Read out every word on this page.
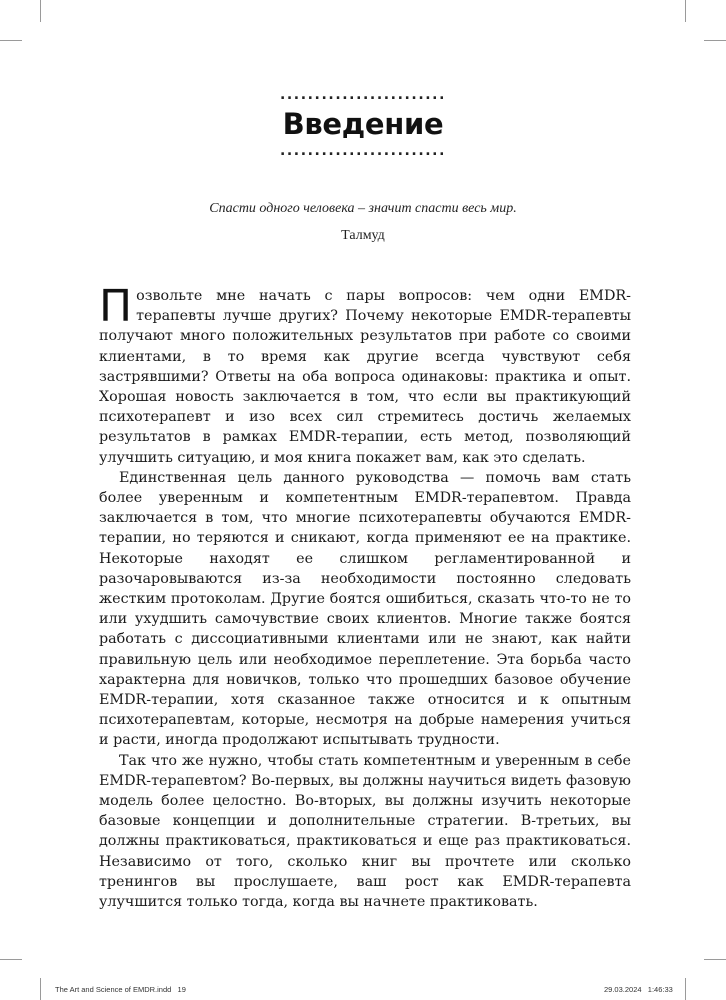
........................
Введение
........................
Спасти одного человека – значит спасти весь мир.
Талмуд

Позвольте мне начать с пары вопросов: чем одни EMDR-терапевты лучше других? Почему некоторые EMDR-терапевты получают много положительных результатов при работе со своими клиентами, в то время как другие всегда чувствуют себя застрявшими? Ответы на оба вопроса одинаковы: практика и опыт. Хорошая новость заключается в том, что если вы практикующий психотерапевт и изо всех сил стремитесь достичь желаемых результатов в рамках EMDR-терапии, есть метод, позволяющий улучшить ситуацию, и моя книга покажет вам, как это сделать.

Единственная цель данного руководства — помочь вам стать более уверенным и компетентным EMDR-терапевтом. Правда заключается в том, что многие психотерапевты обучаются EMDR-терапии, но теряются и сникают, когда применяют ее на практике. Некоторые находят ее слишком регламентированной и разочаровываются из-за необходимости постоянно следовать жестким протоколам. Другие боятся ошибиться, сказать что-то не то или ухудшить самочувствие своих клиентов. Многие также боятся работать с диссоциативными клиентами или не знают, как найти правильную цель или необходимое переплетение. Эта борьба часто характерна для новичков, только что прошедших базовое обучение EMDR-терапии, хотя сказанное также относится и к опытным психотерапевтам, которые, несмотря на добрые намерения учиться и расти, иногда продолжают испытывать трудности.

Так что же нужно, чтобы стать компетентным и уверенным в себе EMDR-терапевтом? Во-первых, вы должны научиться видеть фазовую модель более целостно. Во-вторых, вы должны изучить некоторые базовые концепции и дополнительные стратегии. В-третьих, вы должны практиковаться, практиковаться и еще раз практиковаться. Независимо от того, сколько книг вы прочтете или сколько тренингов вы прослушаете, ваш рост как EMDR-терапевта улучшится только тогда, когда вы начнете практиковать.

The Art and Science of EMDR.indd   19	29.03.2024   1:46:33
